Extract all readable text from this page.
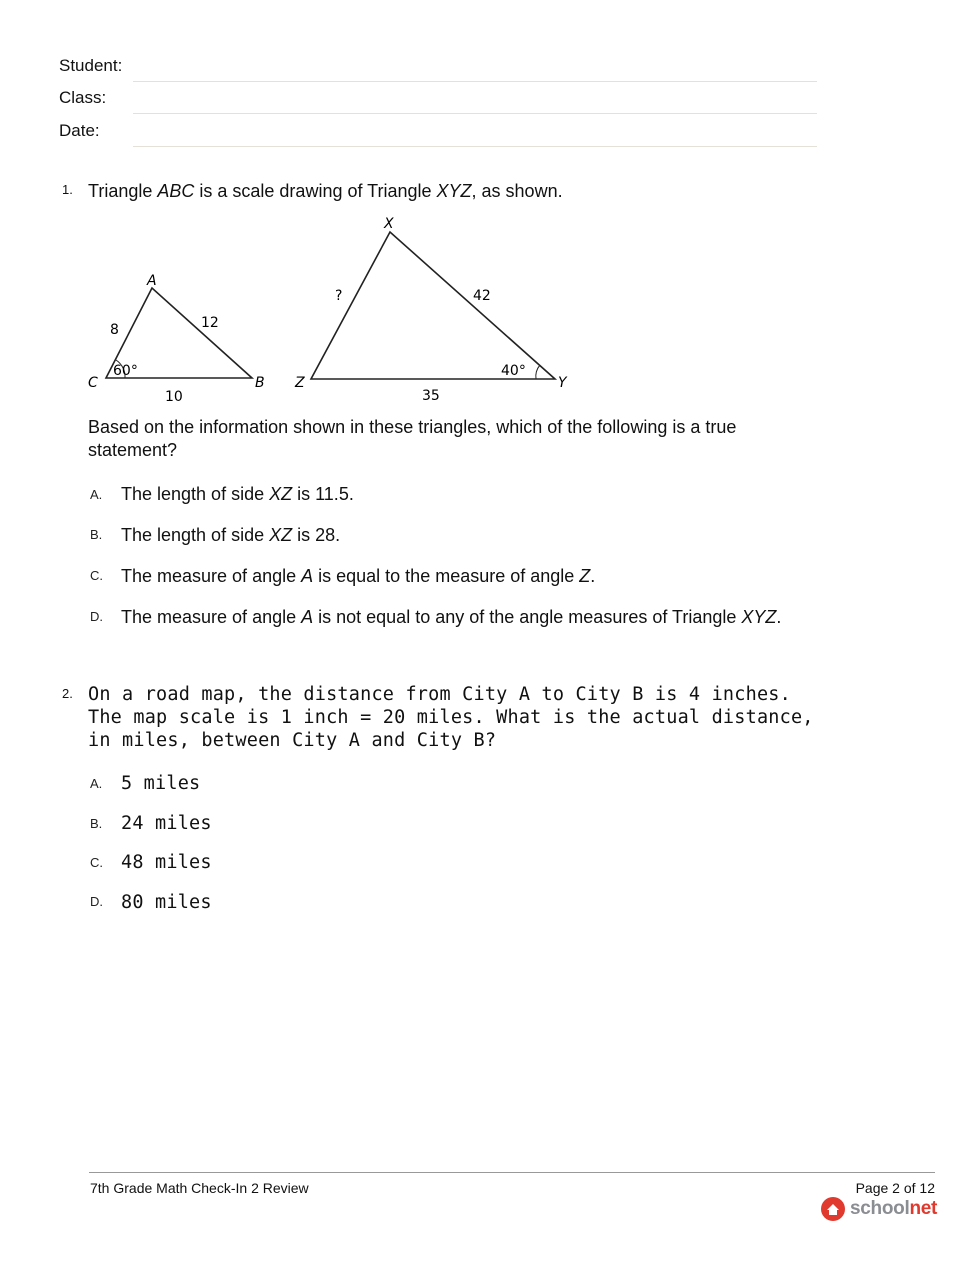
Student:
Class:
Date:
1. Triangle ABC is a scale drawing of Triangle XYZ, as shown.
A
B
C
8	12
10
60°
X
Y
Z
?	42
35
40°
Based on the information shown in these triangles, which of the following is a true statement?
A. The length of side XZ is 11.5.
B. The length of side XZ is 28.
C. The measure of angle A is equal to the measure of angle Z.
D. The measure of angle A is not equal to any of the angle measures of Triangle XYZ.
2. On a road map, the distance from City A to City B is 4 inches. The map scale is 1 inch = 20 miles. What is the actual distance, in miles, between City A and City B?
A. 5 miles
B. 24 miles
C. 48 miles
D. 80 miles
7th Grade Math Check-In 2 Review	Page 2 of 12
schoolnet
